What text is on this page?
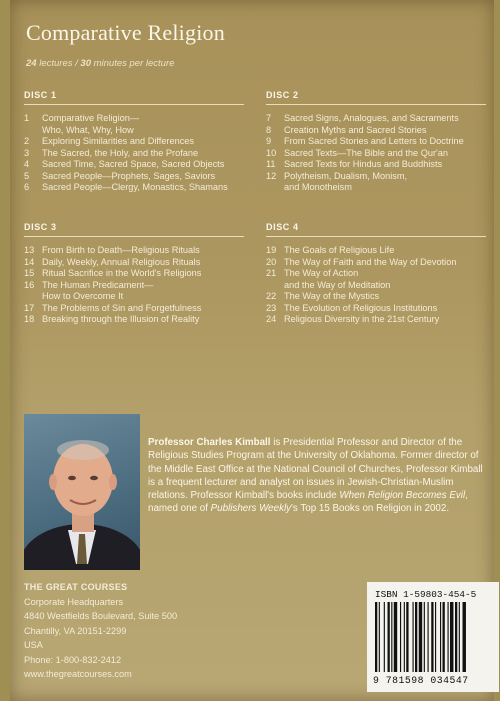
Comparative Religion
24 lectures / 30 minutes per lecture
DISC 1
1	Comparative Religion—
Who, What, Why, How
2	Exploring Similarities and Differences
3	The Sacred, the Holy, and the Profane
4	Sacred Time, Sacred Space, Sacred Objects
5	Sacred People—Prophets, Sages, Saviors
6	Sacred People—Clergy, Monastics, Shamans
DISC 2
7	Sacred Signs, Analogues, and Sacraments
8	Creation Myths and Sacred Stories
9	From Sacred Stories and Letters to Doctrine
10 Sacred Texts—The Bible and the Qur'an
11 Sacred Texts for Hindus and Buddhists
12 Polytheism, Dualism, Monism,
and Monotheism
DISC 3
13 From Birth to Death—Religious Rituals
14 Daily, Weekly, Annual Religious Rituals
15 Ritual Sacrifice in the World's Religions
16 The Human Predicament—
How to Overcome It
17 The Problems of Sin and Forgetfulness
18 Breaking through the Illusion of Reality
DISC 4
19 The Goals of Religious Life
20 The Way of Faith and the Way of Devotion
21 The Way of Action
and the Way of Meditation
22 The Way of the Mystics
23 The Evolution of Religious Institutions
24 Religious Diversity in the 21st Century
Professor Charles Kimball is Presidential Professor and Director of the Religious Studies Program at the University of Oklahoma. Former director of the Middle East Office at the National Council of Churches, Professor Kimball is a frequent lecturer and analyst on issues in Jewish-Christian-Muslim relations. Professor Kimball's books include When Religion Becomes Evil, named one of Publishers Weekly's Top 15 Books on Religion in 2002.
THE GREAT COURSES
Corporate Headquarters
4840 Westfields Boulevard, Suite 500
Chantilly, VA 20151-2299
USA
Phone: 1-800-832-2412
www.thegreatcourses.com
ISBN 1-59803-454-5
9 781598 034547
